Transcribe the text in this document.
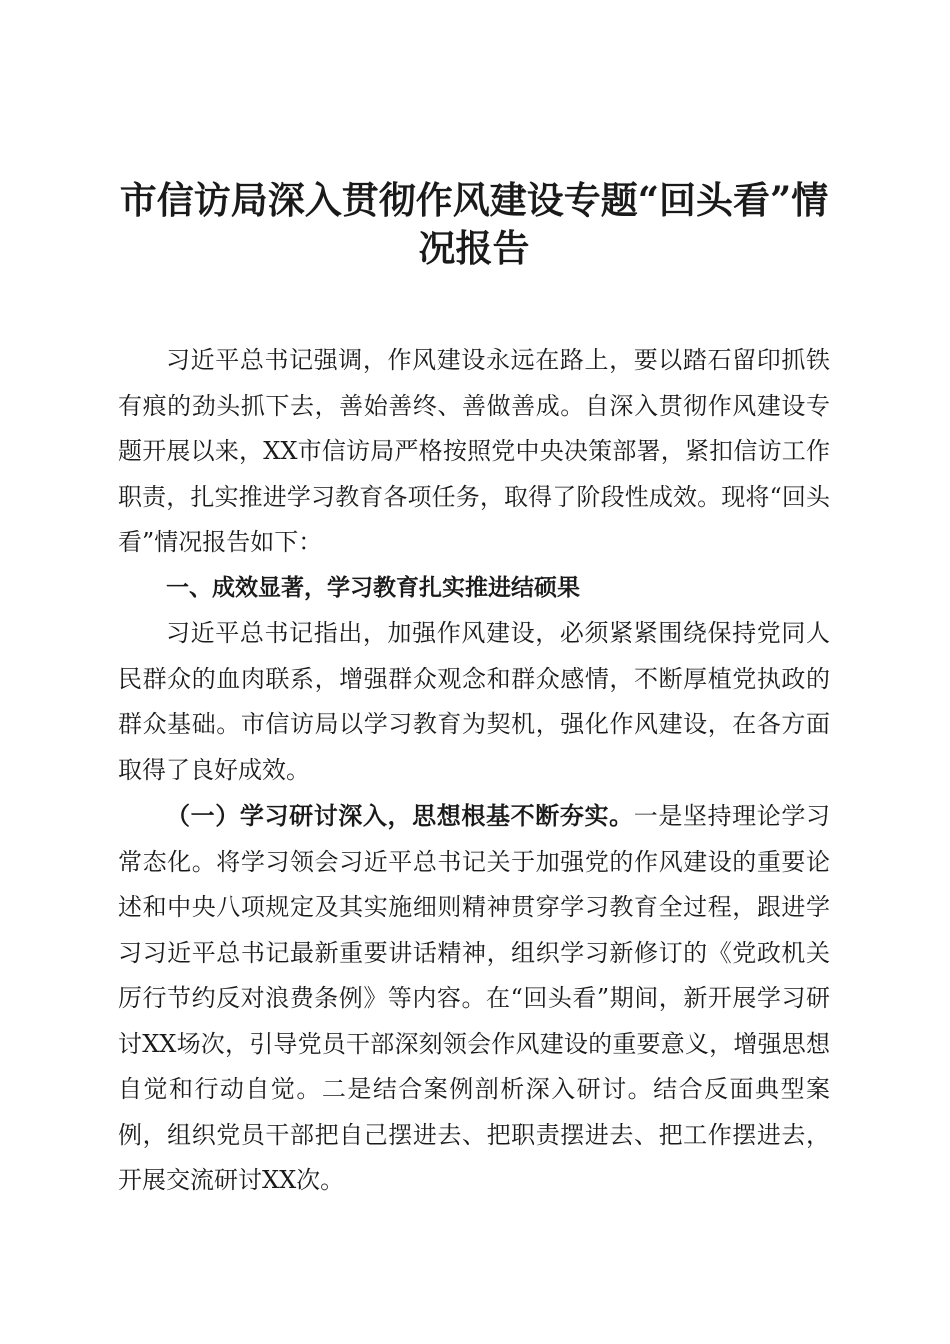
市信访局深入贯彻作风建设专题“回头看”情
况报告

习近平总书记强调，作风建设永远在路上，要以踏石留印抓铁有痕的劲头抓下去，善始善终、善做善成。自深入贯彻作风建设专题开展以来，XX市信访局严格按照党中央决策部署，紧扣信访工作职责，扎实推进学习教育各项任务，取得了阶段性成效。现将“回头看”情况报告如下：

一、成效显著，学习教育扎实推进结硕果

习近平总书记指出，加强作风建设，必须紧紧围绕保持党同人民群众的血肉联系，增强群众观念和群众感情，不断厚植党执政的群众基础。市信访局以学习教育为契机，强化作风建设，在各方面取得了良好成效。

（一）学习研讨深入，思想根基不断夯实。一是坚持理论学习常态化。将学习领会习近平总书记关于加强党的作风建设的重要论述和中央八项规定及其实施细则精神贯穿学习教育全过程，跟进学习习近平总书记最新重要讲话精神，组织学习新修订的《党政机关厉行节约反对浪费条例》等内容。在“回头看”期间，新开展学习研讨XX场次，引导党员干部深刻领会作风建设的重要意义，增强思想自觉和行动自觉。二是结合案例剖析深入研讨。结合反面典型案例，组织党员干部把自己摆进去、把职责摆进去、把工作摆进去，开展交流研讨XX次。
